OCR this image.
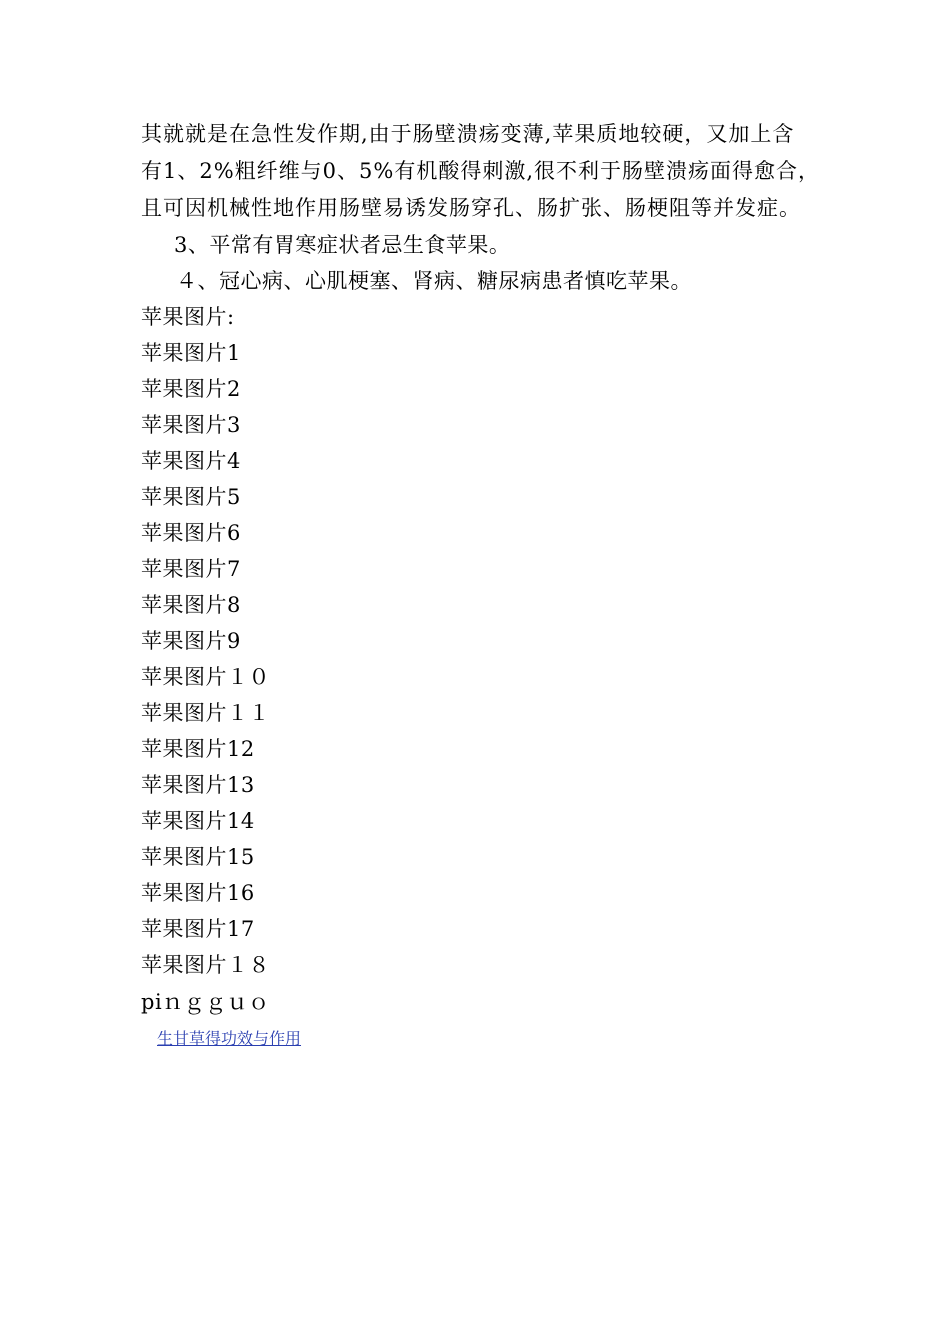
其就就是在急性发作期,由于肠壁溃疡变薄,苹果质地较硬，又加上含
有1、2%粗纤维与0、5%有机酸得刺激,很不利于肠壁溃疡面得愈合，
且可因机械性地作用肠壁易诱发肠穿孔、肠扩张、肠梗阻等并发症。
3、平常有胃寒症状者忌生食苹果。
４、冠心病、心肌梗塞、肾病、糖尿病患者慎吃苹果。
苹果图片:
苹果图片1
苹果图片2
苹果图片3
苹果图片4
苹果图片5
苹果图片6
苹果图片7
苹果图片8
苹果图片9
苹果图片１０
苹果图片１１
苹果图片12
苹果图片13
苹果图片14
苹果图片15
苹果图片16
苹果图片17
苹果图片１８
piｎｇｇｕｏ
生甘草得功效与作用
